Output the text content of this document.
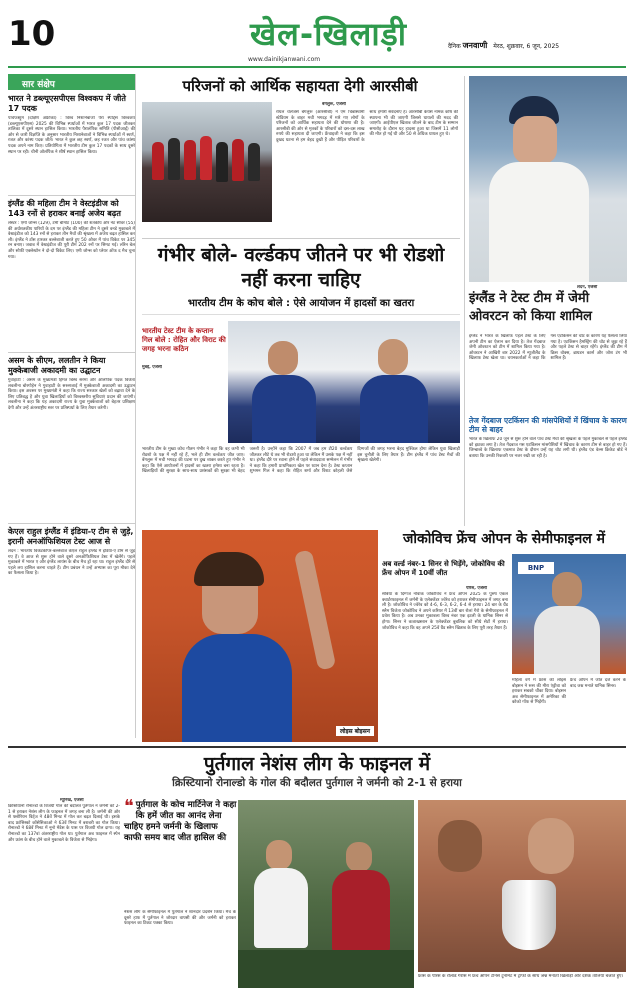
10	खेल-खिलाड़ी
www.dainikjanwani.com
दैनिक जनवाणी मेरठ, शुक्रवार, 6 जून, 2025
सार संक्षेप
भारत ने डब्ल्यूएसपीएस विश्वकप में जीते 17 पदक
पाचेफस्ट्रूम (दक्षिण अफ्रीका) : विश्व निशानेबाजी पैरा स्पोर्ट्स विश्वकप (डब्ल्यूएसपीएस) 2025 की विभिन्न स्पर्धाओं में भारत कुल 17 पदक जीतकर तालिका में दूसरे स्थान हासिल किया। भारतीय पैरालंपिक समिति (पीसीआई) की ओर से जारी विज्ञप्ति के अनुसार भारतीय निशानेबाजों ने विभिन्न स्पर्धाओं में स्वर्ण, रजत और कांस्य पदक जीते। भारत ने कुल छह स्वर्ण, छह रजत और पांच कांस्य पदक अपने नाम किए। प्रतियोगिता में भारतीय टीम कुल 17 पदकों के साथ दूसरे स्थान पर रही। चीनी ओलंपिक ने शीर्ष स्थान हासिल किया।
इंग्लैंड की महिला टीम ने वेस्टइंडीज को 143 रनों से हराकर बनाई अजेय बढ़त
लेस्टर : एमी जोन्स (129), टेमी बीमोंट (100) की शतकीय और नेट सीवर (55) की अर्धशतकीय पारियों के दम पर इंग्लैंड की महिला टीम ने दूसरे वनडे मुकाबले में वेस्टइंडीज को 143 रनों से हराकर तीन मैचों की श्रृंखला में अजेय बढ़त हासिल कर ली। इंग्लैंड ने टॉस हारकर बल्लेबाजी करते हुए 50 ओवर में पांच विकेट पर 345 रन बनाए। जवाब में वेस्टइंडीज की पूरी टीम 202 रनों पर सिमट गई। लॉरेन बेल और सोफी एक्लेस्टोन ने दो-दो विकेट लिए। एमी जोन्स को प्लेयर ऑफ द मैच चुना गया।
असम के सीएम, ललतीन ने किया मुक्केबाजी अकादमी का उद्घाटन
गुवाहाटी : असम के मुख्यमंत्री हिमंत बिस्व सरमा और ओलंपिक पदक विजेता लवलीना बोरगोहेन ने गुवाहाटी के सरुसजाई में मुक्केबाजी अकादमी का उद्घाटन किया। इस अवसर पर मुख्यमंत्री ने कहा कि राज्य सरकार खेलों को बढ़ावा देने के लिए प्रतिबद्ध है और युवा खिलाड़ियों को विश्वस्तरीय सुविधाएं प्रदान की जाएंगी। लवलीना ने कहा कि यह अकादमी राज्य के युवा मुक्केबाजों को बेहतर प्रशिक्षण देगी और उन्हें अंतरराष्ट्रीय स्तर पर प्रतिस्पर्धा के लिए तैयार करेगी।
केएल राहुल इंग्लैंड में इंडिया-ए टीम से जुड़े, इरानी अनऑफिशियल टेस्ट आज से
लंदन : भारतीय विकेटकीपर-बल्लेबाज केएल राहुल इंग्लैंड में इंडिया-ए टीम से जुड़ गए हैं। वे आज से शुरू होने वाले दूसरे अनऑफिशियल टेस्ट में खेलेंगे। पहले मुकाबले में भारत ए और इंग्लैंड लायंस के बीच मैच ड्रॉ रहा था। राहुल इंग्लैंड दौरे से पहले लय हासिल करना चाहते हैं। टीम प्रबंधन ने उन्हें अभ्यास का पूरा मौका देने का फैसला किया है।
परिजनों को आर्थिक सहायता देगी आरसीबी
बेंगलुरू, एजेंसी
रॉयल चैलेंजर्स बेंगलुरू (आरसीबी) ने एम चिन्नास्वामी स्टेडियम के बाहर मची भगदड़ में मारे गए लोगों के परिजनों को आर्थिक सहायता देने की घोषणा की है। आरसीबी की ओर से मृतकों के परिवारों को दस-दस लाख रुपये की सहायता दी जाएगी। फ्रेंचाइजी ने कहा कि इस दुखद घटना से हम बेहद दुखी हैं और पीड़ित परिवारों के साथ हमारी संवेदनाएं हैं। आरसीबी केयर्स नामक कोष की स्थापना भी की जाएगी जिससे घायलों की मदद की जाएगी। आईपीएल खिताब जीतने के बाद टीम के सम्मान समारोह के दौरान यह हादसा हुआ था जिसमें 11 लोगों की मौत हो गई थी और 50 से अधिक घायल हुए थे।
लंदन, एजेंसी
इंग्लैंड ने टेस्ट टीम में जेमी ओवरटन को किया शामिल
इंग्लैंड ने भारत के खिलाफ पहले टेस्ट के लिए अपनी टीम का ऐलान कर दिया है। तेज गेंदबाज जेमी ओवरटन को टीम में शामिल किया गया है। ओवरटन ने आखिरी बार 2022 में न्यूजीलैंड के खिलाफ टेस्ट खेला था। चयनकर्ताओं ने कहा कि गस एटकिंसन की चोट के कारण यह फैसला लिया गया है। एटकिंसन हैमस्ट्रिंग की चोट से जूझ रहे हैं और पहले टेस्ट से बाहर रहेंगे। इंग्लैंड की टीम में क्रिस वोक्स, ब्रायडन कार्स और जोश टंग भी शामिल हैं।
तेज गेंदबाज एटकिंसन की मांसपेशियों में खिंचाव के कारण टीम से बाहर
भारत के खिलाफ 20 जून से शुरू होने वाले पांच टेस्ट मैचों की श्रृंखला के पहले मुकाबले से पहले इंग्लैंड को झटका लगा है। तेज गेंदबाज गस एटकिंसन मांसपेशियों में खिंचाव के कारण टीम से बाहर हो गए हैं। जिम्बाब्वे के खिलाफ एकमात्र टेस्ट के दौरान उन्हें यह चोट लगी थी। इंग्लैंड एंड वेल्स क्रिकेट बोर्ड ने बताया कि उनकी रिकवरी पर नजर रखी जा रही है।
गंभीर बोले- वर्ल्डकप जीतने पर भी रोडशो नहीं करना चाहिए
भारतीय टीम के कोच बोले : ऐसे आयोजन में हादसों का खतरा
भारतीय टेस्ट टीम के कप्तान गिल बोले : रोहित और विराट की जगह भरना कठिन
मुंबई, एजेंसी
भारतीय टीम के मुख्य कोच गौतम गंभीर ने कहा कि वह कभी भी रोडशो के पक्ष में नहीं रहे हैं, भले ही टीम वर्ल्डकप जीत जाए। बेंगलुरू में मची भगदड़ की घटना पर दुख व्यक्त करते हुए गंभीर ने कहा कि ऐसे आयोजनों में हादसों का खतरा हमेशा बना रहता है। खिलाड़ियों की सुरक्षा के साथ-साथ प्रशंसकों की सुरक्षा भी बेहद जरूरी है। उन्होंने कहा कि 2007 में जब हम टी20 वर्ल्डकप जीतकर लौटे थे तब भी रोडशो हुआ था लेकिन मैं उसके पक्ष में नहीं था। इंग्लैंड दौरे पर रवाना होने से पहले संवाददाता सम्मेलन में गंभीर ने कहा कि हमारी प्राथमिकता खेल पर ध्यान देना है। टेस्ट कप्तान शुभमन गिल ने कहा कि रोहित शर्मा और विराट कोहली जैसे दिग्गजों की जगह भरना बेहद मुश्किल होगा लेकिन युवा खिलाड़ी इस चुनौती के लिए तैयार हैं। टीम इंग्लैंड में पांच टेस्ट मैचों की श्रृंखला खेलेगी।
लोइस बोइसन
जोकोविच फ्रेंच ओपन के सेमीफाइनल में
अब वर्ल्ड नंबर-1 सिनर से भिड़ेंगे, जोकोविच की फ्रेंच ओपन में 10वीं जीत
पेरिस, एजेंसी
सर्बिया के दिग्गज नोवाक जोकोविच ने फ्रेंच ओपन 2025 के पुरुष एकल क्वार्टरफाइनल में जर्मनी के एलेक्जेंडर ज्वेरेव को हराकर सेमीफाइनल में जगह बना ली है। जोकोविच ने ज्वेरेव को 4-6, 6-3, 6-2, 6-4 से हराया। 24 बार के ग्रैंड स्लैम विजेता जोकोविच ने अपने करियर में 13वीं बार रोलां गैरो के सेमीफाइनल में प्रवेश किया है। अब उनका मुकाबला विश्व नंबर एक इटली के यानिक सिनर से होगा। सिनर ने कजाखस्तान के एलेक्जेंडर बुबलिक को सीधे सेटों में हराया। जोकोविच ने कहा कि वह अपने 25वें ग्रैंड स्लैम खिताब के लिए पूरी तरह तैयार हैं।
BNP
महिला वर्ग में फ्रांस की लोइस बोइसन ने रूस की मीरा एंड्रीवा को हराकर सबको चौंका दिया। बोइसन अब सेमीफाइनल में अमेरिका की कोको गॉफ से भिड़ेंगी।
फ्रेंच ओपन में जीत दर्ज करने के बाद जश्न मनाते यानिक सिनर।
पुर्तगाल नेशंस लीग के फाइनल में
क्रिस्टियानो रोनाल्डो के गोल की बदौलत पुर्तगाल ने जर्मनी को 2-1 से हराया
म्यूनिख, एजेंसी
क्रिस्टियानो रोनाल्डो के विजयी गोल की बदौलत पुर्तगाल ने जर्मनी को 2-1 से हराकर नेशंस लीग के फाइनल में जगह बना ली है। जर्मनी की ओर से फ्लोरियन विर्ट्ज ने 48वें मिनट में गोल कर बढ़त दिलाई थी। इसके बाद फ्रांसिस्को कोंसेसिकाओ ने 63वें मिनट में बराबरी का गोल किया। रोनाल्डो ने 68वें मिनट में नूनो मेंडेस के पास पर विजयी गोल दागा। यह रोनाल्डो का 137वां अंतरराष्ट्रीय गोल था। पुर्तगाल अब फाइनल में स्पेन और फ्रांस के बीच होने वाले मुकाबले के विजेता से भिड़ेगा।
❝ पुर्तगाल के कोच मार्टिनेज ने कहा कि हमें जीत का आनंद लेना चाहिए हमने जर्मनी के खिलाफ काफी समय बाद जीत हासिल की
नेशंस लीग के सेमीफाइनल में पुर्तगाल ने शानदार प्रदर्शन किया। मैच के दूसरे हाफ में पुर्तगाल ने जोरदार वापसी की और जर्मनी को हराकर फाइनल का टिकट पक्का किया।
फ्रांस के पेरिस के रोलांड गैरोस में फ्रेंच ओपन टेनिस टूर्नामेंट में ट्रॉफी के साथ जश्न मनाती खिलाड़ी और दर्शक तालियां बजाते हुए।
